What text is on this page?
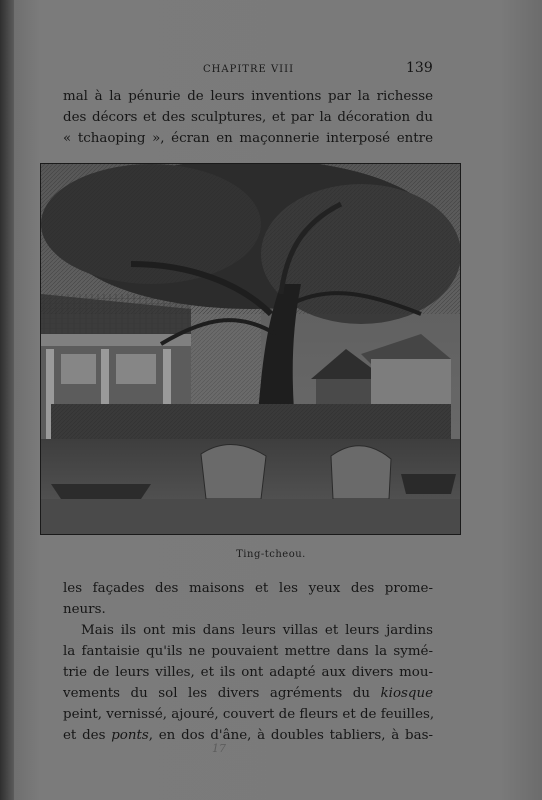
CHAPITRE VIII	139
mal à la pénurie de leurs inventions par la richesse
des décors et des sculptures, et par la décoration du
« tchaoping », écran en maçonnerie interposé entre
Ting-tcheou.
les façades des maisons et les yeux des prome-
neurs.
Mais ils ont mis dans leurs villas et leurs jardins
la fantaisie qu'ils ne pouvaient mettre dans la symé-
trie de leurs villes, et ils ont adapté aux divers mou-
vements du sol les divers agréments du kiosque
peint, vernissé, ajouré, couvert de fleurs et de feuilles,
et des ponts, en dos d'âne, à doubles tabliers, à bas-
17
